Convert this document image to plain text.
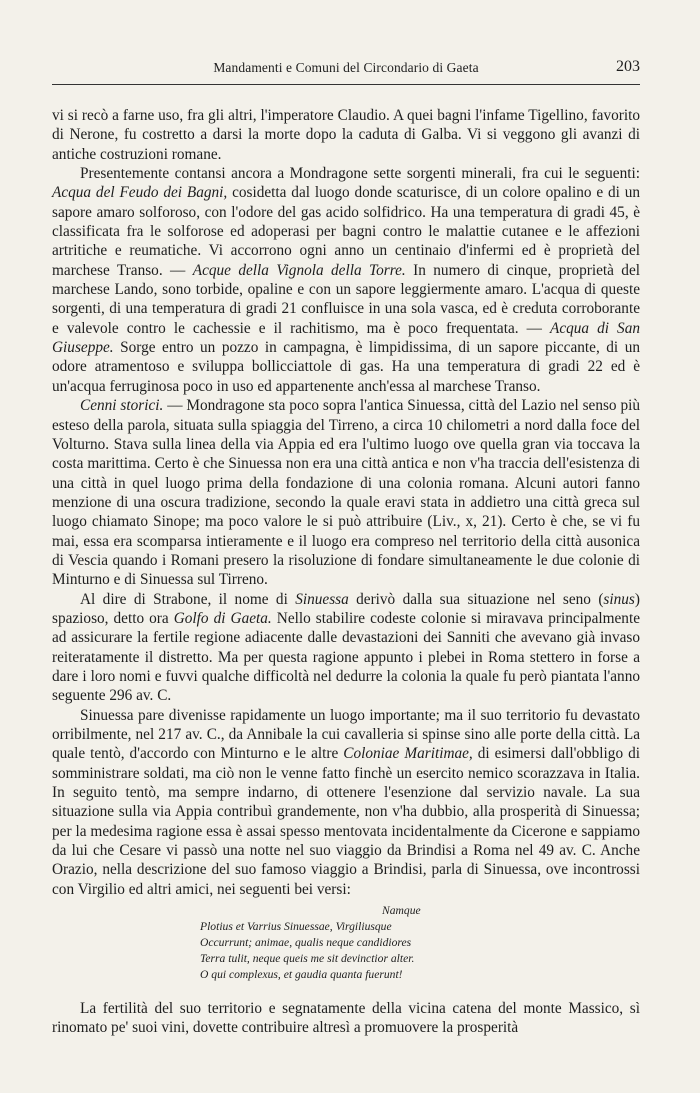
Mandamenti e Comuni del Circondario di Gaeta	203

vi si recò a farne uso, fra gli altri, l'imperatore Claudio. A quei bagni l'infame Tigellino, favorito di Nerone, fu costretto a darsi la morte dopo la caduta di Galba. Vi si veggono gli avanzi di antiche costruzioni romane.

Presentemente contansi ancora a Mondragone sette sorgenti minerali, fra cui le seguenti: Acqua del Feudo dei Bagni, cosidetta dal luogo donde scaturisce, di un colore opalino e di un sapore amaro solforoso, con l'odore del gas acido solfidrico. Ha una temperatura di gradi 45, è classificata fra le solforose ed adoperasi per bagni contro le malattie cutanee e le affezioni artritiche e reumatiche. Vi accorrono ogni anno un centinaio d'infermi ed è proprietà del marchese Transo. — Acque della Vignola della Torre. In numero di cinque, proprietà del marchese Lando, sono torbide, opaline e con un sapore leggiermente amaro. L'acqua di queste sorgenti, di una temperatura di gradi 21 confluisce in una sola vasca, ed è creduta corroborante e valevole contro le cachessie e il rachitismo, ma è poco frequentata. — Acqua di San Giuseppe. Sorge entro un pozzo in campagna, è limpidissima, di un sapore piccante, di un odore atramentoso e sviluppa bollicciattole di gas. Ha una temperatura di gradi 22 ed è un'acqua ferruginosa poco in uso ed appartenente anch'essa al marchese Transo.

Cenni storici. — Mondragone sta poco sopra l'antica Sinuessa, città del Lazio nel senso più esteso della parola, situata sulla spiaggia del Tirreno, a circa 10 chilometri a nord dalla foce del Volturno. Stava sulla linea della via Appia ed era l'ultimo luogo ove quella gran via toccava la costa marittima. Certo è che Sinuessa non era una città antica e non v'ha traccia dell'esistenza di una città in quel luogo prima della fondazione di una colonia romana. Alcuni autori fanno menzione di una oscura tradizione, secondo la quale eravi stata in addietro una città greca sul luogo chiamato Sinope; ma poco valore le si può attribuire (Liv., x, 21). Certo è che, se vi fu mai, essa era scomparsa intieramente e il luogo era compreso nel territorio della città ausonica di Vescia quando i Romani presero la risoluzione di fondare simultaneamente le due colonie di Minturno e di Sinuessa sul Tirreno.

Al dire di Strabone, il nome di Sinuessa derivò dalla sua situazione nel seno (sinus) spazioso, detto ora Golfo di Gaeta. Nello stabilire codeste colonie si miravava principalmente ad assicurare la fertile regione adiacente dalle devastazioni dei Sanniti che avevano già invaso reiteratamente il distretto. Ma per questa ragione appunto i plebei in Roma stettero in forse a dare i loro nomi e fuvvi qualche difficoltà nel dedurre la colonia la quale fu però piantata l'anno seguente 296 av. C.

Sinuessa pare divenisse rapidamente un luogo importante; ma il suo territorio fu devastato orribilmente, nel 217 av. C., da Annibale la cui cavalleria si spinse sino alle porte della città. La quale tentò, d'accordo con Minturno e le altre Coloniae Maritimae, di esimersi dall'obbligo di somministrare soldati, ma ciò non le venne fatto finchè un esercito nemico scorazzava in Italia. In seguito tentò, ma sempre indarno, di ottenere l'esenzione dal servizio navale. La sua situazione sulla via Appia contribuì grandemente, non v'ha dubbio, alla prosperità di Sinuessa; per la medesima ragione essa è assai spesso mentovata incidentalmente da Cicerone e sappiamo da lui che Cesare vi passò una notte nel suo viaggio da Brindisi a Roma nel 49 av. C. Anche Orazio, nella descrizione del suo famoso viaggio a Brindisi, parla di Sinuessa, ove incontrossi con Virgilio ed altri amici, nei seguenti bei versi:

Namque
Plotius et Varrius Sinuessae, Virgiliusque
Occurrunt; animae, qualis neque candidiores
Terra tulit, neque queis me sit devinctior alter.
O qui complexus, et gaudia quanta fuerunt!

La fertilità del suo territorio e segnatamente della vicina catena del monte Massico, sì rinomato pe' suoi vini, dovette contribuire altresì a promuovere la prosperità
